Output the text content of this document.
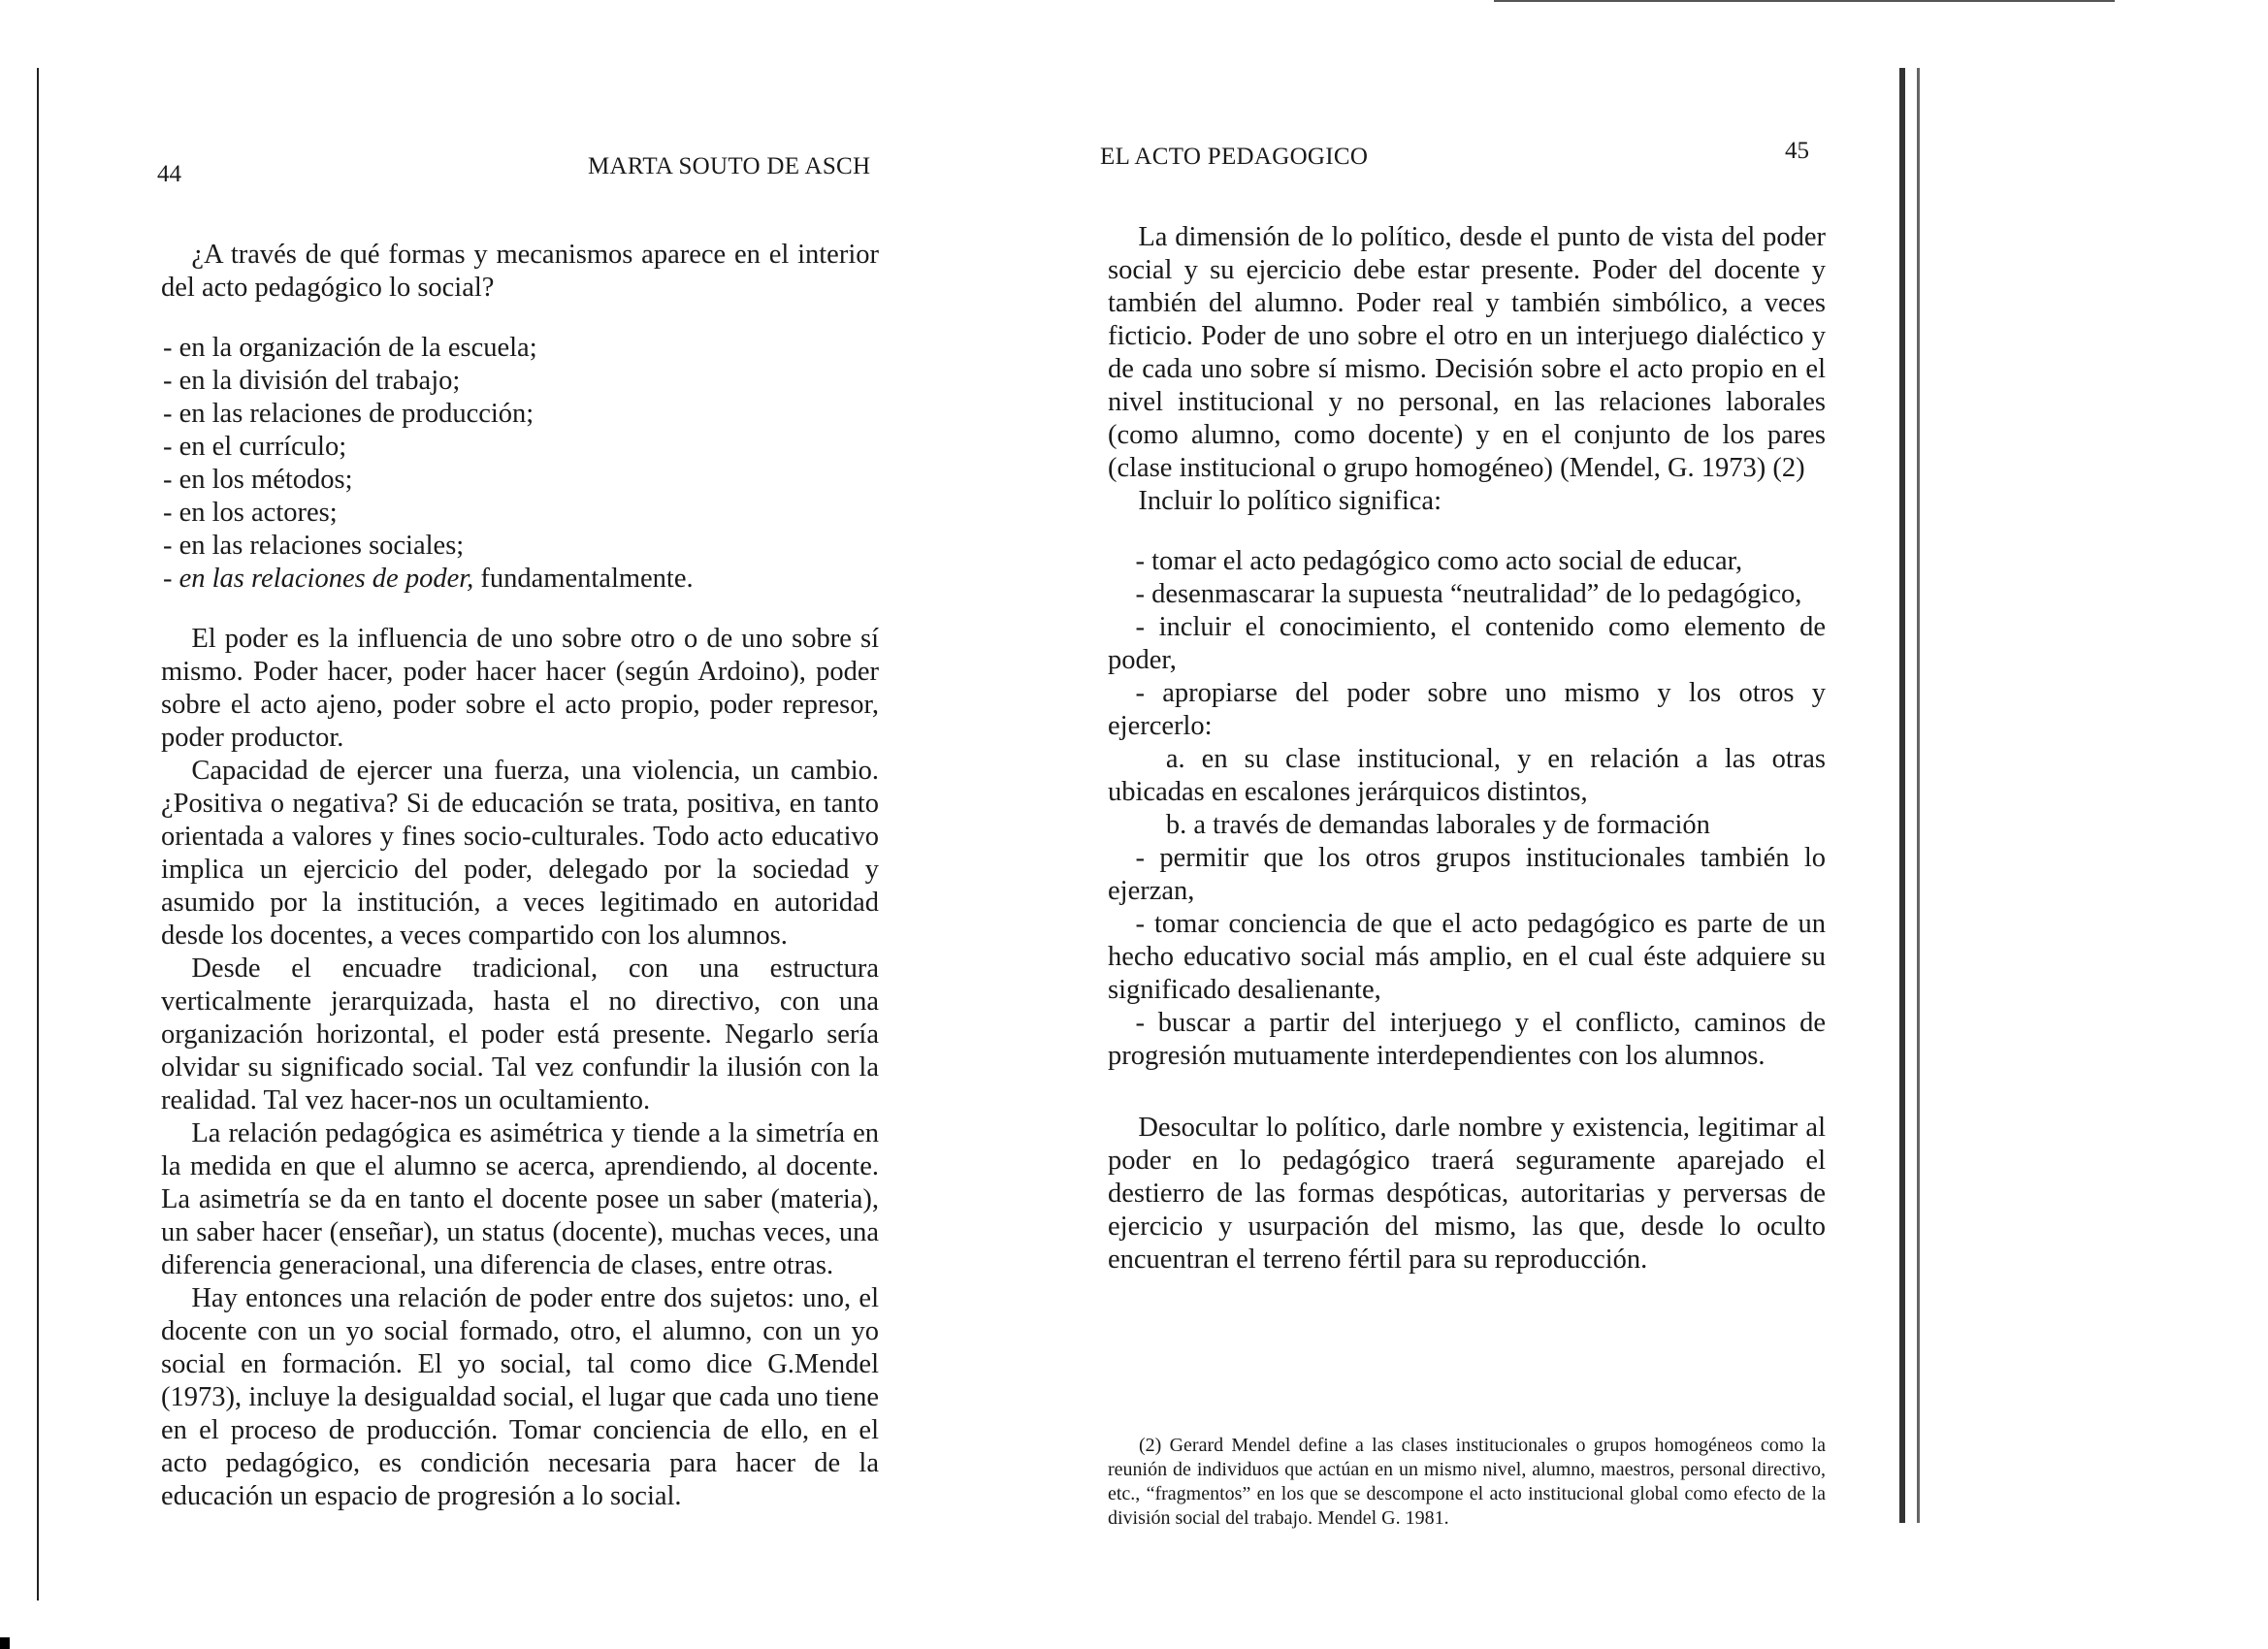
44	MARTA SOUTO DE ASCH

¿A través de qué formas y mecanismos aparece en el interior del acto pedagógico lo social?

- en la organización de la escuela;
- en la división del trabajo;
- en las relaciones de producción;
- en el currículo;
- en los métodos;
- en los actores;
- en las relaciones sociales;
- en las relaciones de poder, fundamentalmente.

El poder es la influencia de uno sobre otro o de uno sobre sí mismo. Poder hacer, poder hacer hacer (según Ardoino), poder sobre el acto ajeno, poder sobre el acto propio, poder represor, poder productor.

Capacidad de ejercer una fuerza, una violencia, un cambio. ¿Positiva o negativa? Si de educación se trata, positiva, en tanto orientada a valores y fines socio-culturales. Todo acto educativo implica un ejercicio del poder, delegado por la sociedad y asumido por la institución, a veces legitimado en autoridad desde los docentes, a veces compartido con los alumnos.

Desde el encuadre tradicional, con una estructura verticalmente jerarquizada, hasta el no directivo, con una organización horizontal, el poder está presente. Negarlo sería olvidar su significado social. Tal vez confundir la ilusión con la realidad. Tal vez hacer-nos un ocultamiento.

La relación pedagógica es asimétrica y tiende a la simetría en la medida en que el alumno se acerca, aprendiendo, al docente. La asimetría se da en tanto el docente posee un saber (materia), un saber hacer (enseñar), un status (docente), muchas veces, una diferencia generacional, una diferencia de clases, entre otras.

Hay entonces una relación de poder entre dos sujetos: uno, el docente con un yo social formado, otro, el alumno, con un yo social en formación. El yo social, tal como dice G.Mendel (1973), incluye la desigualdad social, el lugar que cada uno tiene en el proceso de producción. Tomar conciencia de ello, en el acto pedagógico, es condición necesaria para hacer de la educación un espacio de progresión a lo social.

EL ACTO PEDAGOGICO	45

La dimensión de lo político, desde el punto de vista del poder social y su ejercicio debe estar presente. Poder del docente y también del alumno. Poder real y también simbólico, a veces ficticio. Poder de uno sobre el otro en un interjuego dialéctico y de cada uno sobre sí mismo. Decisión sobre el acto propio en el nivel institucional y no personal, en las relaciones laborales (como alumno, como docente) y en el conjunto de los pares (clase institucional o grupo homogéneo) (Mendel, G. 1973) (2)

Incluir lo político significa:

- tomar el acto pedagógico como acto social de educar,
- desenmascarar la supuesta “neutralidad” de lo pedagógico,
- incluir el conocimiento, el contenido como elemento de poder,
- apropiarse del poder sobre uno mismo y los otros y ejercerlo:
a. en su clase institucional, y en relación a las otras ubicadas en escalones jerárquicos distintos,
b. a través de demandas laborales y de formación
- permitir que los otros grupos institucionales también lo ejerzan,
- tomar conciencia de que el acto pedagógico es parte de un hecho educativo social más amplio, en el cual éste adquiere su significado desalienante,
- buscar a partir del interjuego y el conflicto, caminos de progresión mutuamente interdependientes con los alumnos.

Desocultar lo político, darle nombre y existencia, legitimar al poder en lo pedagógico traerá seguramente aparejado el destierro de las formas despóticas, autoritarias y perversas de ejercicio y usurpación del mismo, las que, desde lo oculto encuentran el terreno fértil para su reproducción.

(2) Gerard Mendel define a las clases institucionales o grupos homogéneos como la reunión de individuos que actúan en un mismo nivel, alumno, maestros, personal directivo, etc., “fragmentos” en los que se descompone el acto institucional global como efecto de la división social del trabajo. Mendel G. 1981.
